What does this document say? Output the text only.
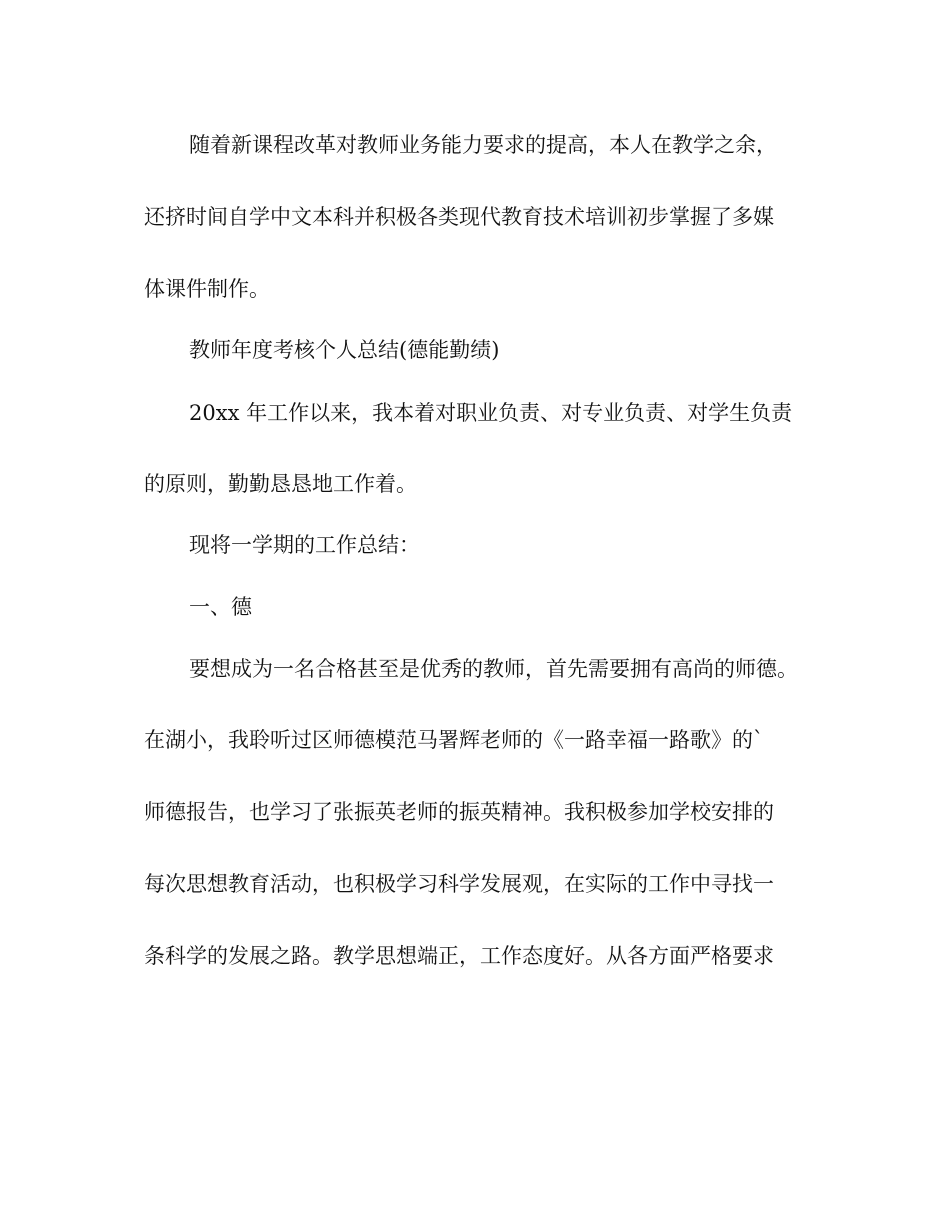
随着新课程改革对教师业务能力要求的提高，本人在教学之余，
还挤时间自学中文本科并积极各类现代教育技术培训初步掌握了多媒
体课件制作。
教师年度考核个人总结(德能勤绩)
20xx 年工作以来，我本着对职业负责、对专业负责、对学生负责
的原则，勤勤恳恳地工作着。
现将一学期的工作总结：
一、德
要想成为一名合格甚至是优秀的教师，首先需要拥有高尚的师德。
在湖小，我聆听过区师德模范马署辉老师的《一路幸福一路歌》的`
师德报告，也学习了张振英老师的振英精神。我积极参加学校安排的
每次思想教育活动，也积极学习科学发展观，在实际的工作中寻找一
条科学的发展之路。教学思想端正，工作态度好。从各方面严格要求
